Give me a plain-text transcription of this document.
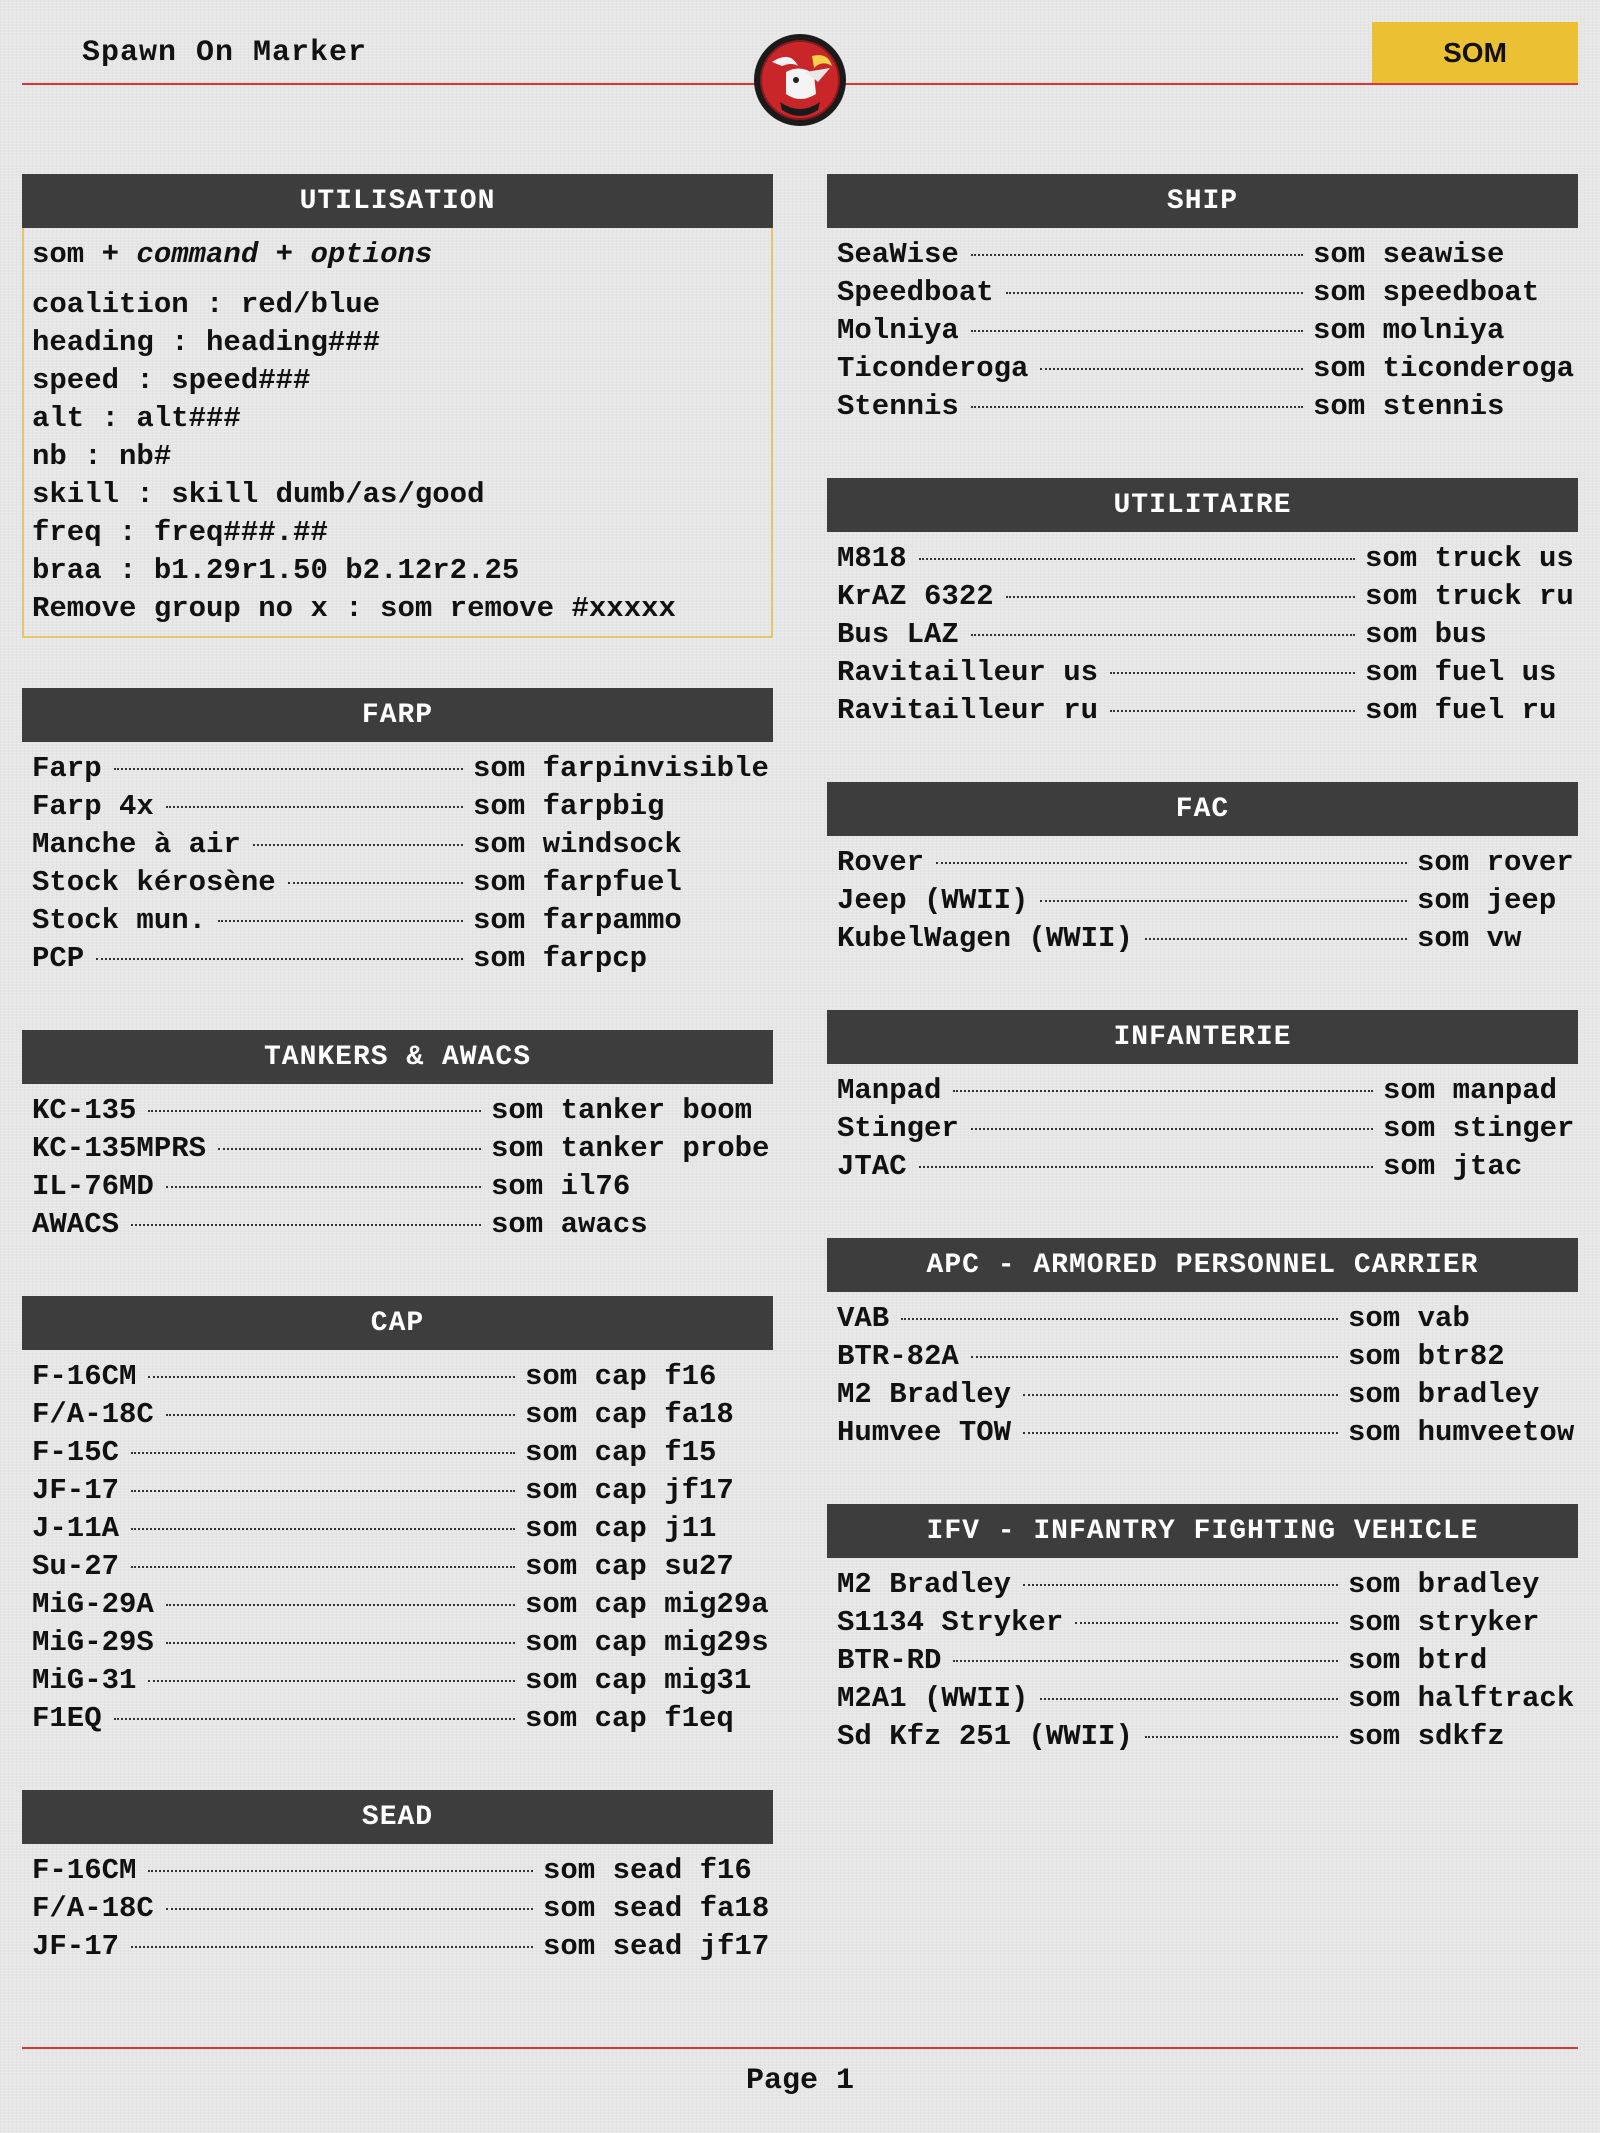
Spawn On Marker	SOM
UTILISATION
som + command + options
coalition : red/blue
heading : heading###
speed : speed###
alt : alt###
nb : nb#
skill : skill dumb/as/good
freq : freq###.##
braa : b1.29r1.50 b2.12r2.25
Remove group no x : som remove #xxxxx
FARP
Farp	som farpinvisible
Farp 4x	som farpbig
Manche à air	som windsock
Stock kérosène	som farpfuel
Stock mun.	som farpammo
PCP	som farpcp
TANKERS & AWACS
KC-135	som tanker boom
KC-135MPRS	som tanker probe
IL-76MD	som il76
AWACS	som awacs
CAP
F-16CM	som cap f16
F/A-18C	som cap fa18
F-15C	som cap f15
JF-17	som cap jf17
J-11A	som cap j11
Su-27	som cap su27
MiG-29A	som cap mig29a
MiG-29S	som cap mig29s
MiG-31	som cap mig31
F1EQ	som cap f1eq
SEAD
F-16CM	som sead f16
F/A-18C	som sead fa18
JF-17	som sead jf17
SHIP
SeaWise	som seawise
Speedboat	som speedboat
Molniya	som molniya
Ticonderoga	som ticonderoga
Stennis	som stennis
UTILITAIRE
M818	som truck us
KrAZ 6322	som truck ru
Bus LAZ	som bus
Ravitailleur us	som fuel us
Ravitailleur ru	som fuel ru
FAC
Rover	som rover
Jeep (WWII)	som jeep
KubelWagen (WWII)	som vw
INFANTERIE
Manpad	som manpad
Stinger	som stinger
JTAC	som jtac
APC - ARMORED PERSONNEL CARRIER
VAB	som vab
BTR-82A	som btr82
M2 Bradley	som bradley
Humvee TOW	som humveetow
IFV - INFANTRY FIGHTING VEHICLE
M2 Bradley	som bradley
S1134 Stryker	som stryker
BTR-RD	som btrd
M2A1 (WWII)	som halftrack
Sd Kfz 251 (WWII)	som sdkfz
Page 1
